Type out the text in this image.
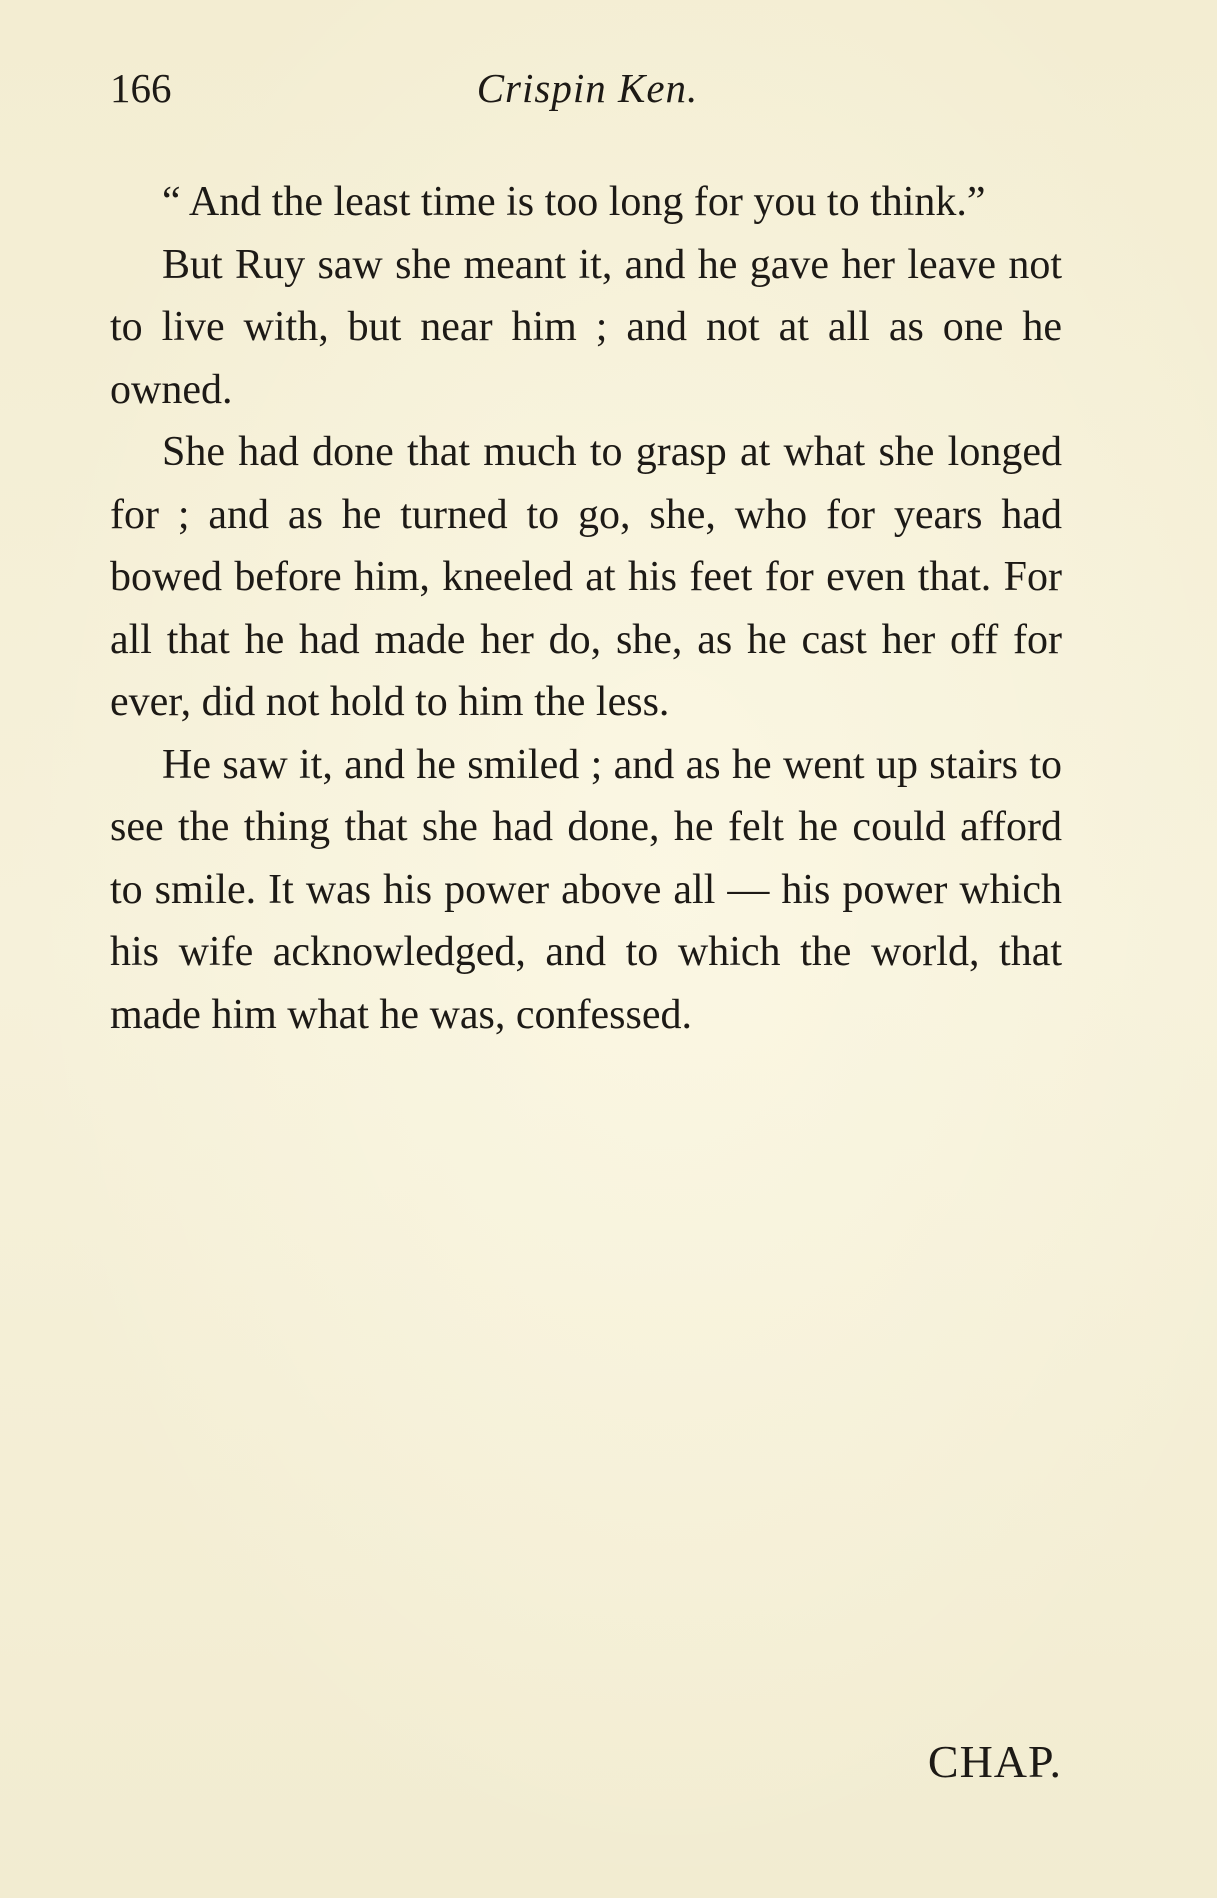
166	Crispin Ken.

“ And the least time is too long for you to think.”

But Ruy saw she meant it, and he gave her leave not to live with, but near him ; and not at all as one he owned.

She had done that much to grasp at what she longed for ; and as he turned to go, she, who for years had bowed before him, kneeled at his feet for even that. For all that he had made her do, she, as he cast her off for ever, did not hold to him the less.

He saw it, and he smiled ; and as he went up stairs to see the thing that she had done, he felt he could afford to smile. It was his power above all — his power which his wife acknowledged, and to which the world, that made him what he was, confessed.

CHAP.
